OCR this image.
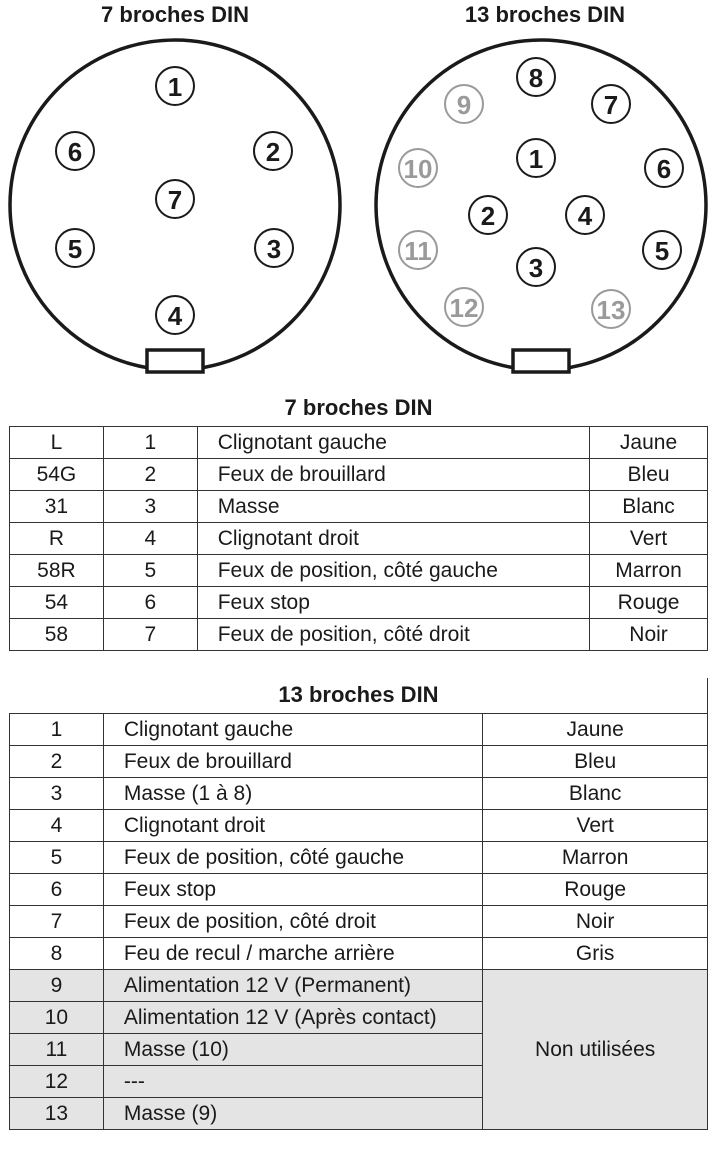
7 broches DIN	13 broches DIN
1
2
3
4
5
6
7
1
2
3
4
5
6
7
8
9
10
11
12	13
7 broches DIN
L	1	Clignotant gauche	Jaune
54G	2	Feux de brouillard	Bleu
31	3	Masse	Blanc
R	4	Clignotant droit	Vert
58R	5	Feux de position, côté gauche	Marron
54	6	Feux stop	Rouge
58	7	Feux de position, côté droit	Noir
13 broches DIN
1	Clignotant gauche	Jaune
2	Feux de brouillard	Bleu
3	Masse (1 à 8)	Blanc
4	Clignotant droit	Vert
5	Feux de position, côté gauche	Marron
6	Feux stop	Rouge
7	Feux de position, côté droit	Noir
8	Feu de recul / marche arrière	Gris
9	Alimentation 12 V (Permanent)	Non utilisées
10	Alimentation 12 V (Après contact)	
11	Masse (10)	
12	---	
13	Masse (9)	
